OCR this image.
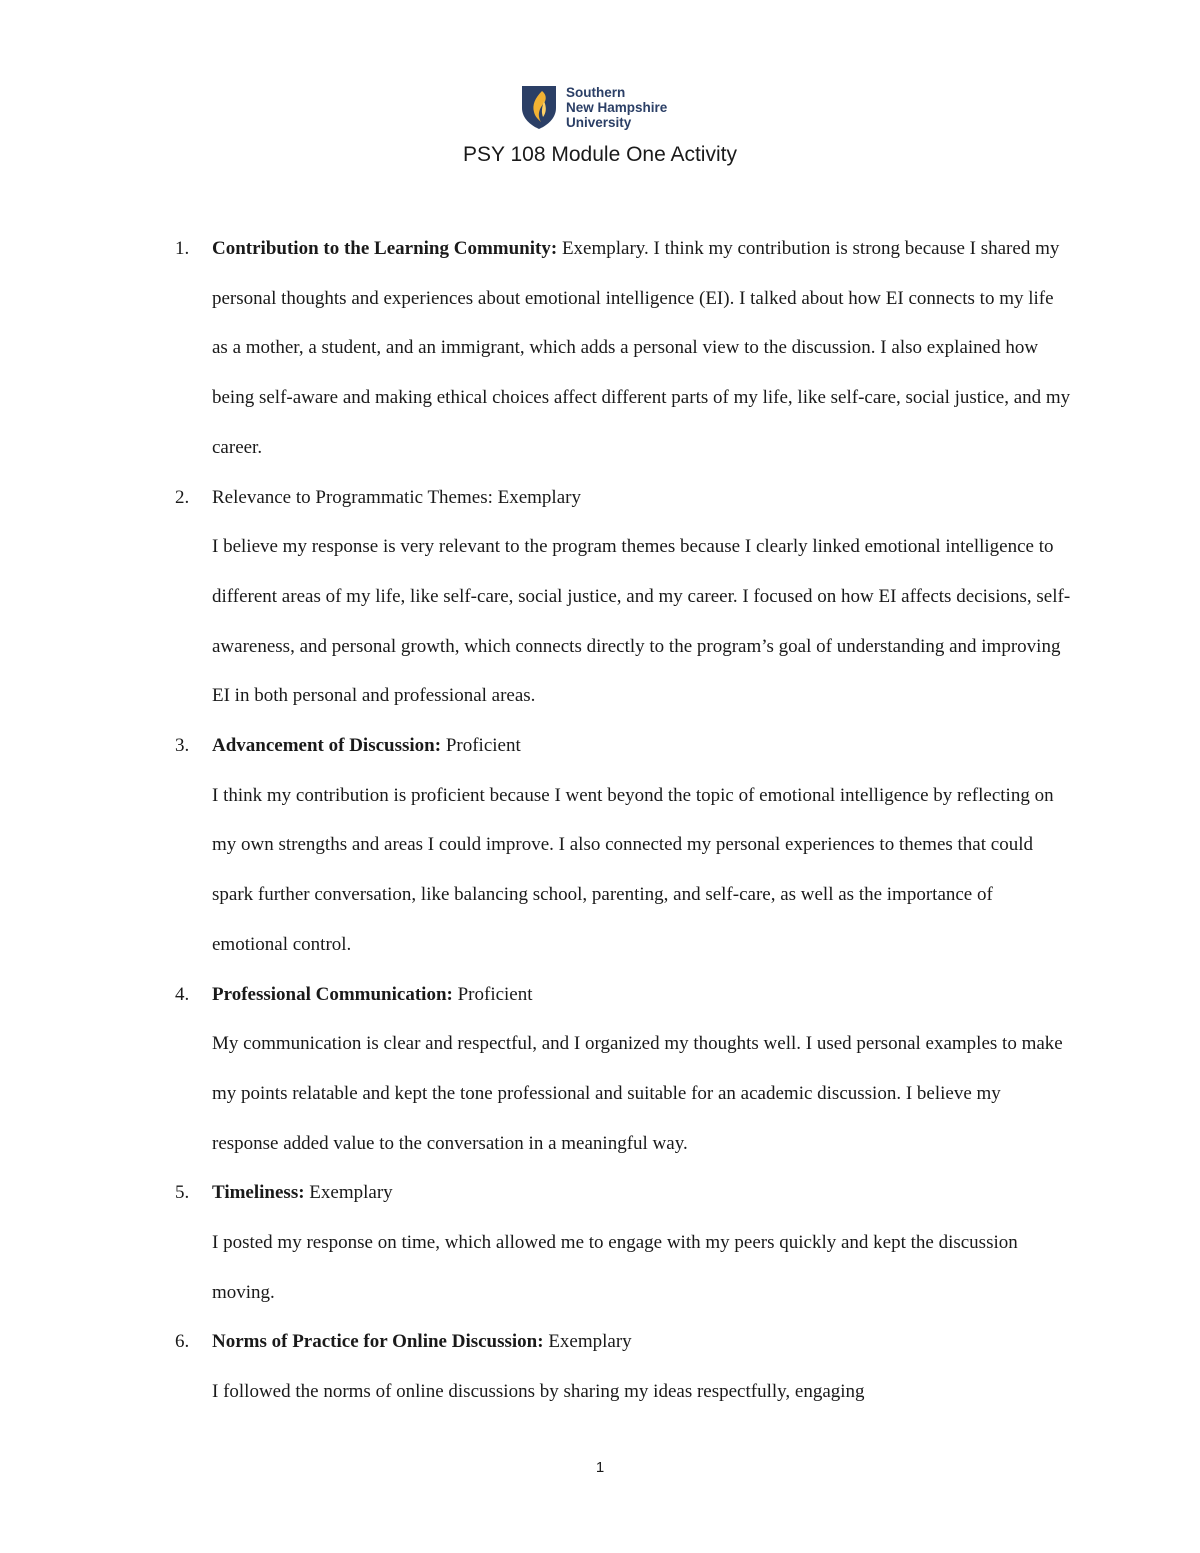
Southern
New Hampshire
University
PSY 108 Module One Activity
1. Contribution to the Learning Community: Exemplary. I think my contribution is strong because I shared my personal thoughts and experiences about emotional intelligence (EI). I talked about how EI connects to my life as a mother, a student, and an immigrant, which adds a personal view to the discussion. I also explained how being self-aware and making ethical choices affect different parts of my life, like self-care, social justice, and my career.

2. Relevance to Programmatic Themes: Exemplary

I believe my response is very relevant to the program themes because I clearly linked emotional intelligence to different areas of my life, like self-care, social justice, and my career. I focused on how EI affects decisions, self-awareness, and personal growth, which connects directly to the program’s goal of understanding and improving EI in both personal and professional areas.

3. Advancement of Discussion: Proficient

I think my contribution is proficient because I went beyond the topic of emotional intelligence by reflecting on my own strengths and areas I could improve. I also connected my personal experiences to themes that could spark further conversation, like balancing school, parenting, and self-care, as well as the importance of emotional control.

4. Professional Communication: Proficient

My communication is clear and respectful, and I organized my thoughts well. I used personal examples to make my points relatable and kept the tone professional and suitable for an academic discussion. I believe my response added value to the conversation in a meaningful way.

5. Timeliness: Exemplary

I posted my response on time, which allowed me to engage with my peers quickly and kept the discussion moving.

6. Norms of Practice for Online Discussion: Exemplary

I followed the norms of online discussions by sharing my ideas respectfully, engaging

1
